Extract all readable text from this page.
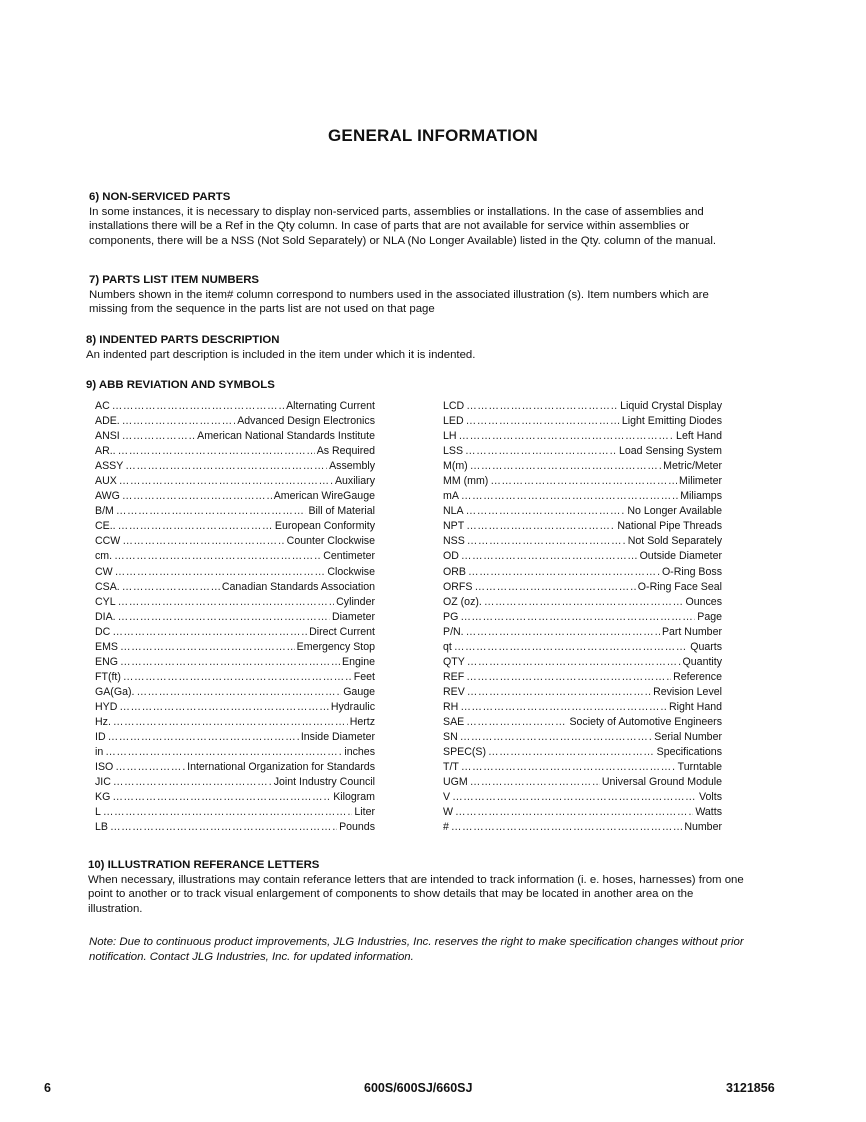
GENERAL INFORMATION
6) NON-SERVICED PARTS

In some instances, it is necessary to display non-serviced parts, assemblies or installations. In the case of assemblies and installations there will be a Ref in the Qty column. In case of parts that are not available for service within assemblies or components, there will be a NSS (Not Sold Separately) or NLA (No Longer Available) listed in the Qty. column of the manual.

7) PARTS LIST ITEM NUMBERS

Numbers shown in the item# column correspond to numbers used in the associated illustration (s). Item numbers which are missing from the sequence in the parts list are not used on that page

8) INDENTED PARTS DESCRIPTION

An indented part description is included in the item under which it is indented.

9) ABB REVIATION AND SYMBOLS
AC ………………………………………………………………………………………………………………………………	Alternating Current
ADE. ………………………………………………………………………………………………………………………………	Advanced Design Electronics
ANSI ………………………………………………………………………………………………………………………………	American National Standards Institute
AR.. ………………………………………………………………………………………………………………………………	As Required
ASSY ………………………………………………………………………………………………………………………………	Assembly
AUX ………………………………………………………………………………………………………………………………	Auxiliary
AWG ………………………………………………………………………………………………………………………………	American WireGauge
B/M ………………………………………………………………………………………………………………………………	Bill of Material
CE.. ………………………………………………………………………………………………………………………………	European Conformity
CCW ………………………………………………………………………………………………………………………………	Counter Clockwise
cm. ………………………………………………………………………………………………………………………………	Centimeter
CW ………………………………………………………………………………………………………………………………	Clockwise
CSA. ………………………………………………………………………………………………………………………………	Canadian Standards Association
CYL ………………………………………………………………………………………………………………………………	Cylinder
DIA. ………………………………………………………………………………………………………………………………	Diameter
DC ………………………………………………………………………………………………………………………………	Direct Current
EMS ………………………………………………………………………………………………………………………………	Emergency Stop
ENG ………………………………………………………………………………………………………………………………	Engine
FT(ft) ………………………………………………………………………………………………………………………………	Feet
GA(Ga). ………………………………………………………………………………………………………………………………	Gauge
HYD ………………………………………………………………………………………………………………………………	Hydraulic
Hz. ………………………………………………………………………………………………………………………………	Hertz
ID ………………………………………………………………………………………………………………………………	Inside Diameter
in ………………………………………………………………………………………………………………………………	inches
ISO ………………………………………………………………………………………………………………………………	International Organization for Standards
JIC ………………………………………………………………………………………………………………………………	Joint Industry Council
KG ………………………………………………………………………………………………………………………………	Kilogram
L ………………………………………………………………………………………………………………………………	Liter
LB ………………………………………………………………………………………………………………………………	Pounds
LCD ………………………………………………………………………………………………………………………………	Liquid Crystal Display
LED ………………………………………………………………………………………………………………………………	Light Emitting Diodes
LH ………………………………………………………………………………………………………………………………	Left Hand
LSS ………………………………………………………………………………………………………………………………	Load Sensing System
M(m) ………………………………………………………………………………………………………………………………	Metric/Meter
MM (mm) ………………………………………………………………………………………………………………………………	Milimeter
mA ………………………………………………………………………………………………………………………………	Miliamps
NLA ………………………………………………………………………………………………………………………………	No Longer Available
NPT ………………………………………………………………………………………………………………………………	National Pipe Threads
NSS ………………………………………………………………………………………………………………………………	Not Sold Separately
OD ………………………………………………………………………………………………………………………………	Outside Diameter
ORB ………………………………………………………………………………………………………………………………	O-Ring Boss
ORFS ………………………………………………………………………………………………………………………………	O-Ring Face Seal
OZ (oz). ………………………………………………………………………………………………………………………………	Ounces
PG ………………………………………………………………………………………………………………………………	Page
P/N. ………………………………………………………………………………………………………………………………	Part Number
qt ………………………………………………………………………………………………………………………………	Quarts
QTY ………………………………………………………………………………………………………………………………	Quantity
REF ………………………………………………………………………………………………………………………………	Reference
REV ………………………………………………………………………………………………………………………………	Revision Level
RH ………………………………………………………………………………………………………………………………	Right Hand
SAE ………………………………………………………………………………………………………………………………	Society of Automotive Engineers
SN ………………………………………………………………………………………………………………………………	Serial Number
SPEC(S) ………………………………………………………………………………………………………………………………	Specifications
T/T ………………………………………………………………………………………………………………………………	Turntable
UGM ………………………………………………………………………………………………………………………………	Universal Ground Module
V ………………………………………………………………………………………………………………………………	Volts
W ………………………………………………………………………………………………………………………………	Watts
# ………………………………………………………………………………………………………………………………	Number
10) ILLUSTRATION REFERANCE LETTERS

When necessary, illustrations may contain referance letters that are intended to track information (i. e. hoses, harnesses) from one point to another or to track visual enlargement of components to show details that may be located in another area on the illustration.

Note: Due to continuous product improvements, JLG Industries, Inc. reserves the right to make specification changes without prior notification. Contact JLG Industries, Inc. for updated information.
6	600S/600SJ/660SJ	3121856
